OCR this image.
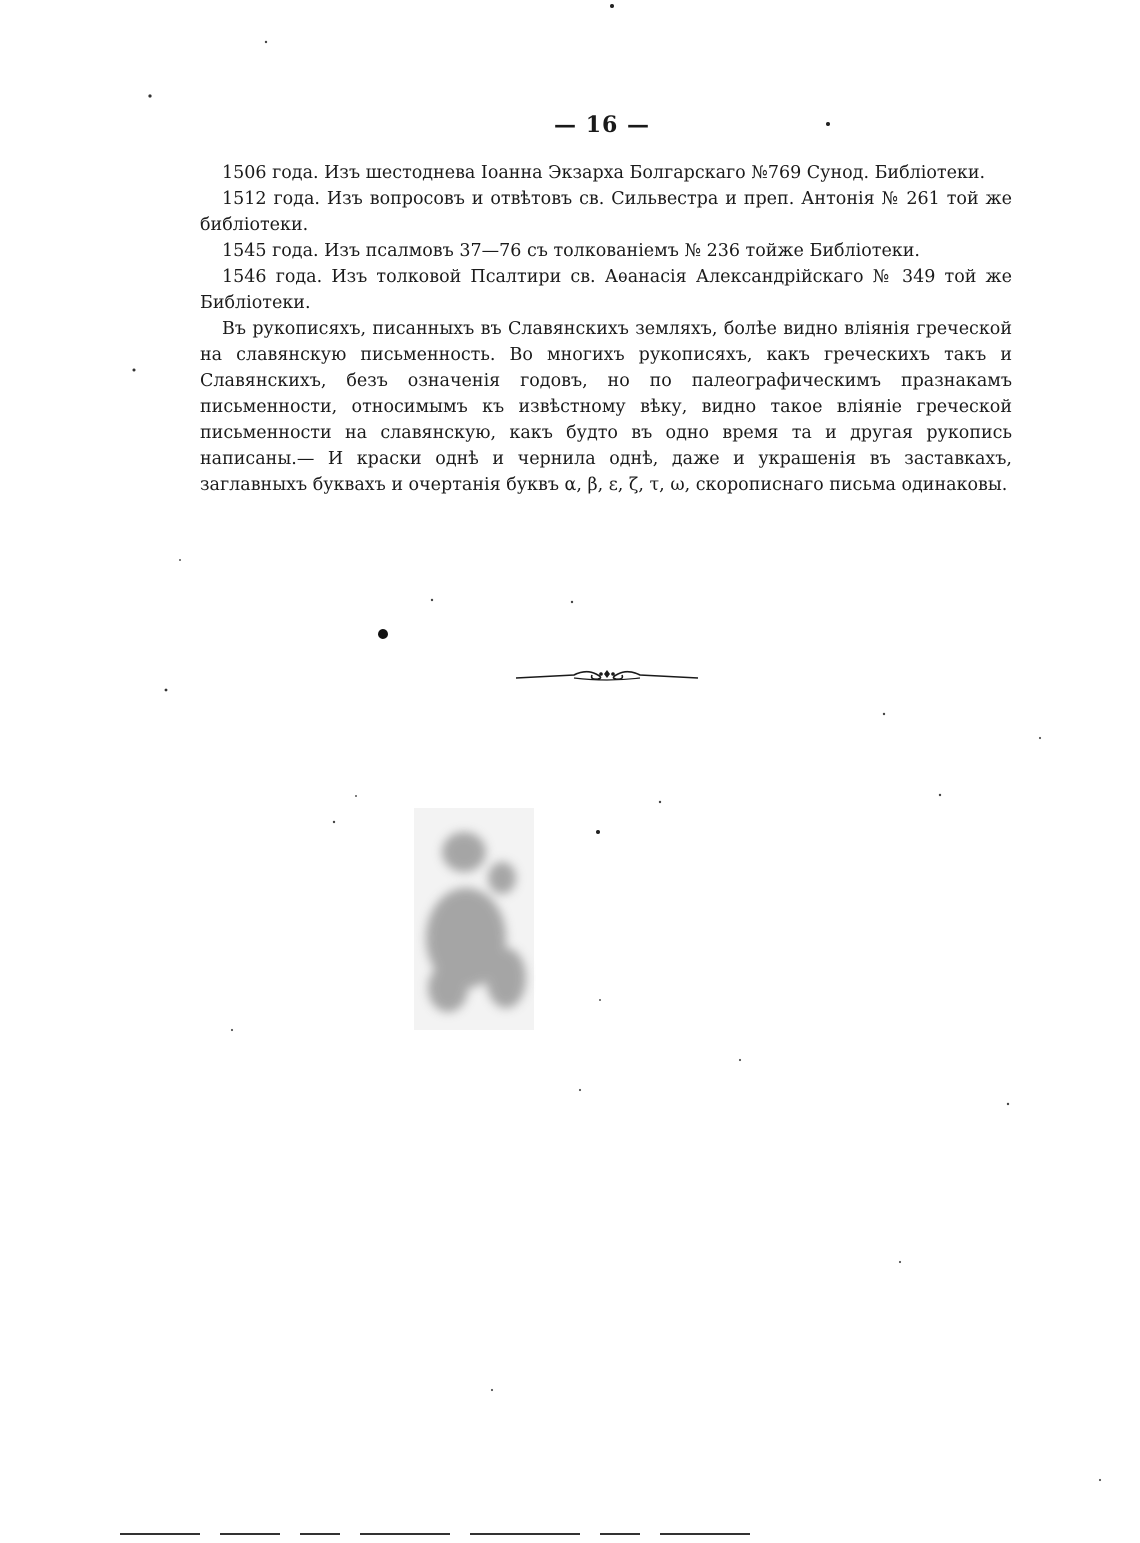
— 16 —

1506 года. Изъ шестоднева Іоанна Экзарха Болгарскаго №769 Сунод. Библіотеки.

1512 года. Изъ вопросовъ и отвѣтовъ св. Сильвестра и преп. Антонія № 261 той же библіотеки.

1545 года. Изъ псалмовъ 37—76 съ толкованіемъ № 236 тойже Библіотеки.

1546 года. Изъ толковой Псалтири св. Аѳанасія Александрійскаго № 349 той же Библіотеки.

Въ рукописяхъ, писанныхъ въ Славянскихъ земляхъ, болѣе видно вліянія греческой на славянскую письменность. Во многихъ рукописяхъ, какъ греческихъ такъ и Славянскихъ, безъ означенія годовъ, но по палеографическимъ празнакамъ письменности, относимымъ къ извѣстному вѣку, видно такое вліяніе греческой письменности на славянскую, какъ будто въ одно время та и другая рукопись написаны.— И краски однѣ и чернила однѣ, даже и украшенія въ заставкахъ, заглавныхъ буквахъ и очертанія буквъ α, β, ε, ζ, τ, ω, скорописнаго письма одинаковы.
